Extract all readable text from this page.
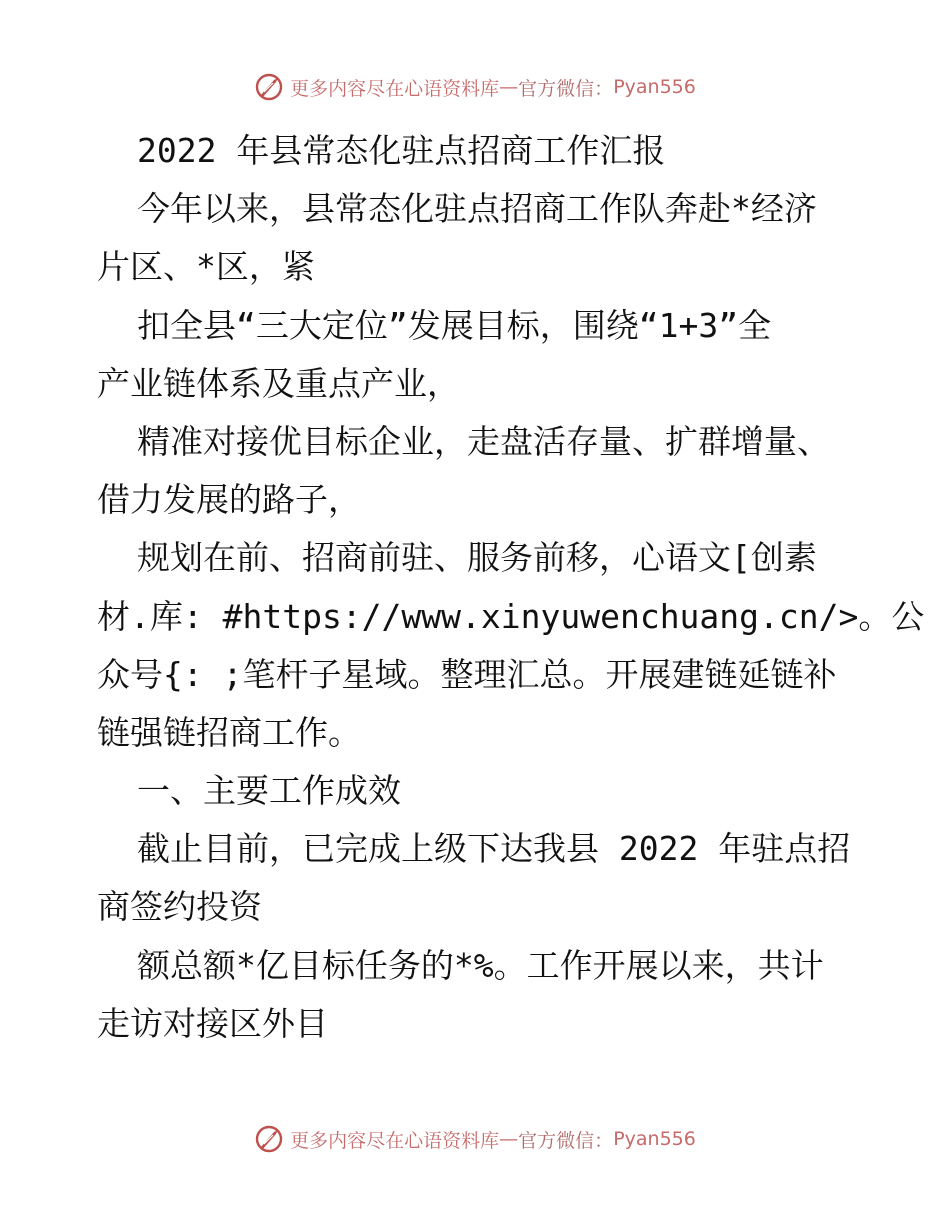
更多内容尽在心语资料库 — 官方微信： Pyan556
2022 年县常态化驻点招商工作汇报
今年以来，县常态化驻点招商工作队奔赴*经济
片区、*区，紧
扣全县“三大定位”发展目标，围绕“1+3”全
产业链体系及重点产业，
精准对接优目标企业，走盘活存量、扩群增量、
借力发展的路子，
规划在前、招商前驻、服务前移，心语文[创素
材.库: #https://www.xinyuwenchuang.cn/>。公
众号{: ;笔杆子星域。整理汇总。开展建链延链补
链强链招商工作。
一、主要工作成效
截止目前，已完成上级下达我县 2022 年驻点招
商签约投资
额总额*亿目标任务的*%。工作开展以来，共计
走访对接区外目
更多内容尽在心语资料库 — 官方微信： Pyan556
